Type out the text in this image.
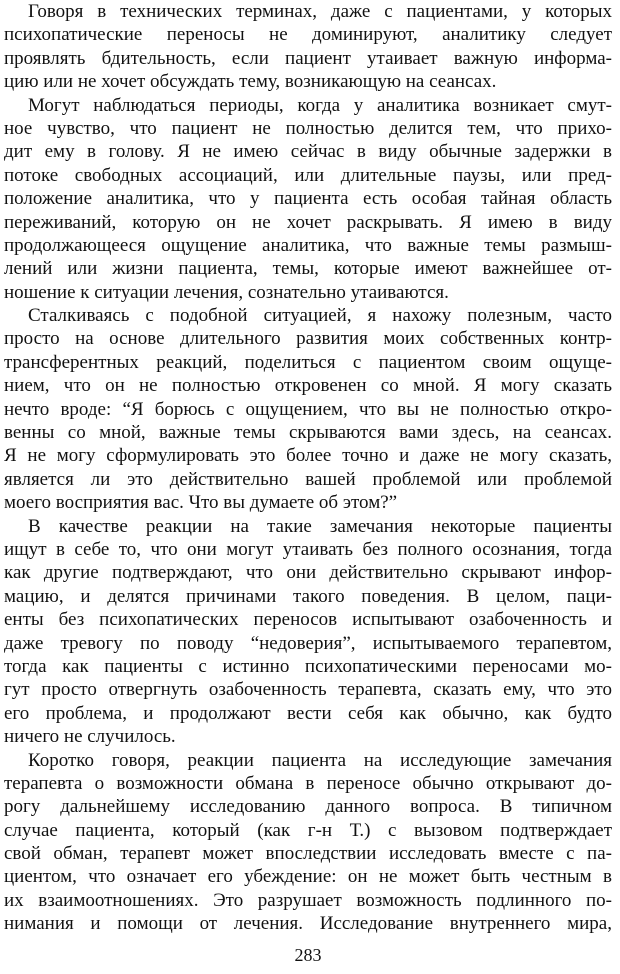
Говоря в технических терминах, даже с пациентами, у которых
психопатические переносы не доминируют, аналитику следует
проявлять бдительность, если пациент утаивает важную информа-
цию или не хочет обсуждать тему, возникающую на сеансах.
Могут наблюдаться периоды, когда у аналитика возникает смут-
ное чувство, что пациент не полностью делится тем, что прихо-
дит ему в голову. Я не имею сейчас в виду обычные задержки в
потоке свободных ассоциаций, или длительные паузы, или пред-
положение аналитика, что у пациента есть особая тайная область
переживаний, которую он не хочет раскрывать. Я имею в виду
продолжающееся ощущение аналитика, что важные темы размыш-
лений или жизни пациента, темы, которые имеют важнейшее от-
ношение к ситуации лечения, сознательно утаиваются.
Сталкиваясь с подобной ситуацией, я нахожу полезным, часто
просто на основе длительного развития моих собственных контр-
трансферентных реакций, поделиться с пациентом своим ощуще-
нием, что он не полностью откровенен со мной. Я могу сказать
нечто вроде: “Я борюсь с ощущением, что вы не полностью откро-
венны со мной, важные темы скрываются вами здесь, на сеансах.
Я не могу сформулировать это более точно и даже не могу сказать,
является ли это действительно вашей проблемой или проблемой
моего восприятия вас. Что вы думаете об этом?”
В качестве реакции на такие замечания некоторые пациенты
ищут в себе то, что они могут утаивать без полного осознания, тогда
как другие подтверждают, что они действительно скрывают инфор-
мацию, и делятся причинами такого поведения. В целом, паци-
енты без психопатических переносов испытывают озабоченность и
даже тревогу по поводу “недоверия”, испытываемого терапевтом,
тогда как пациенты с истинно психопатическими переносами мо-
гут просто отвергнуть озабоченность терапевта, сказать ему, что это
его проблема, и продолжают вести себя как обычно, как будто
ничего не случилось.
Коротко говоря, реакции пациента на исследующие замечания
терапевта о возможности обмана в переносе обычно открывают до-
рогу дальнейшему исследованию данного вопроса. В типичном
случае пациента, который (как г-н Т.) с вызовом подтверждает
свой обман, терапевт может впоследствии исследовать вместе с па-
циентом, что означает его убеждение: он не может быть честным в
их взаимоотношениях. Это разрушает возможность подлинного по-
нимания и помощи от лечения. Исследование внутреннего мира,
283
